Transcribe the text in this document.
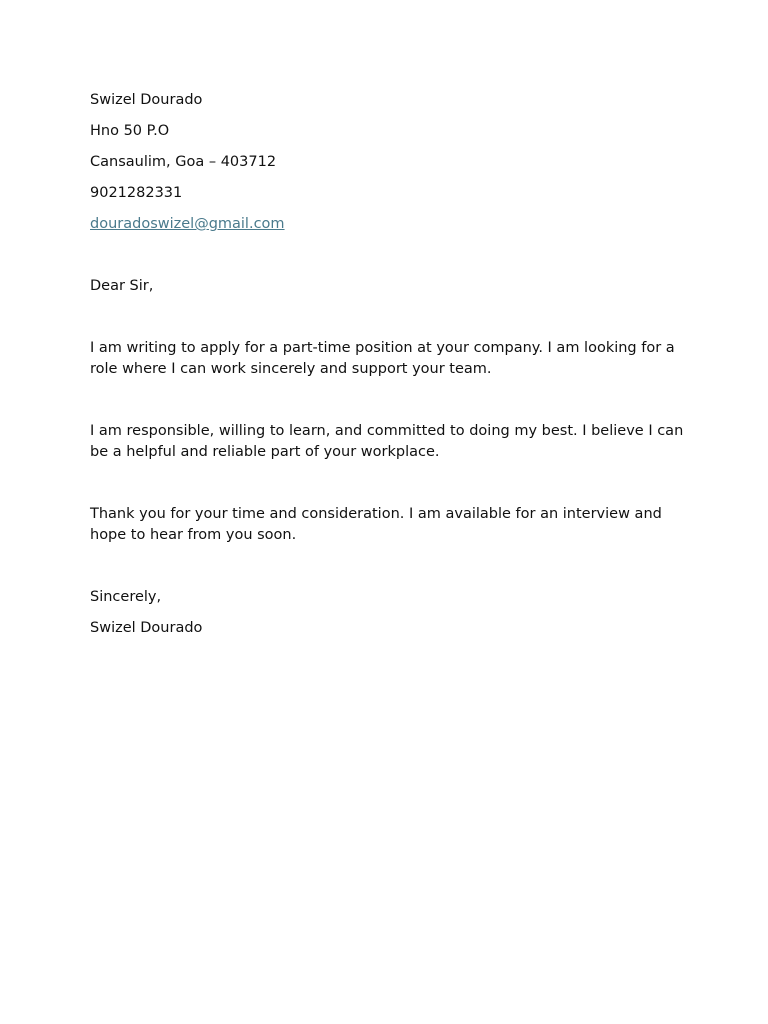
Swizel Dourado

Hno 50 P.O

Cansaulim, Goa – 403712

9021282331

douradoswizel@gmail.com

Dear Sir,

I am writing to apply for a part-time position at your company. I am looking for a role where I can work sincerely and support your team.

I am responsible, willing to learn, and committed to doing my best. I believe I can be a helpful and reliable part of your workplace.

Thank you for your time and consideration. I am available for an interview and hope to hear from you soon.

Sincerely,

Swizel Dourado
